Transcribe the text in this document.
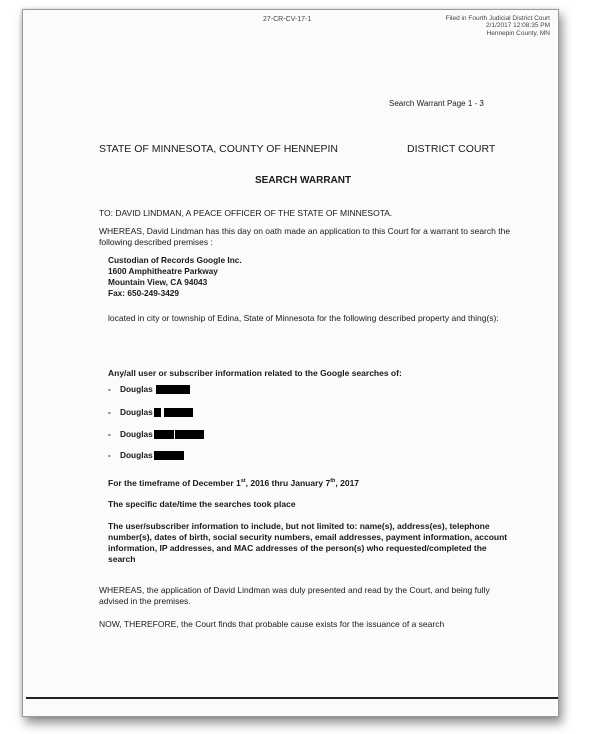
27-CR-CV-17-1	Filed in Fourth Judicial District Court
2/1/2017 12:08:35 PM
Hennepin County, MN
Search Warrant Page 1 - 3
STATE OF MINNESOTA, COUNTY OF HENNEPIN	DISTRICT COURT
SEARCH WARRANT
TO: DAVID LINDMAN, A PEACE OFFICER OF THE STATE OF MINNESOTA.
WHEREAS, David Lindman has this day on oath made an application to this Court for a warrant to search the following described premises :
Custodian of Records Google Inc.
1600 Amphitheatre Parkway
Mountain View, CA 94043
Fax: 650-249-3429
located in city or township of Edina, State of Minnesota for the following described property and thing(s):
Any/all user or subscriber information related to the Google searches of:
-	Douglas
-	Douglas
-	Douglas
-	Douglas
For the timeframe of December 1st, 2016 thru January 7th, 2017
The specific date/time the searches took place
The user/subscriber information to include, but not limited to: name(s), address(es), telephone number(s), dates of birth, social security numbers, email addresses, payment information, account information, IP addresses, and MAC addresses of the person(s) who requested/completed the search
WHEREAS, the application of David Lindman was duly presented and read by the Court, and being fully advised in the premises.
NOW, THEREFORE, the Court finds that probable cause exists for the issuance of a search
